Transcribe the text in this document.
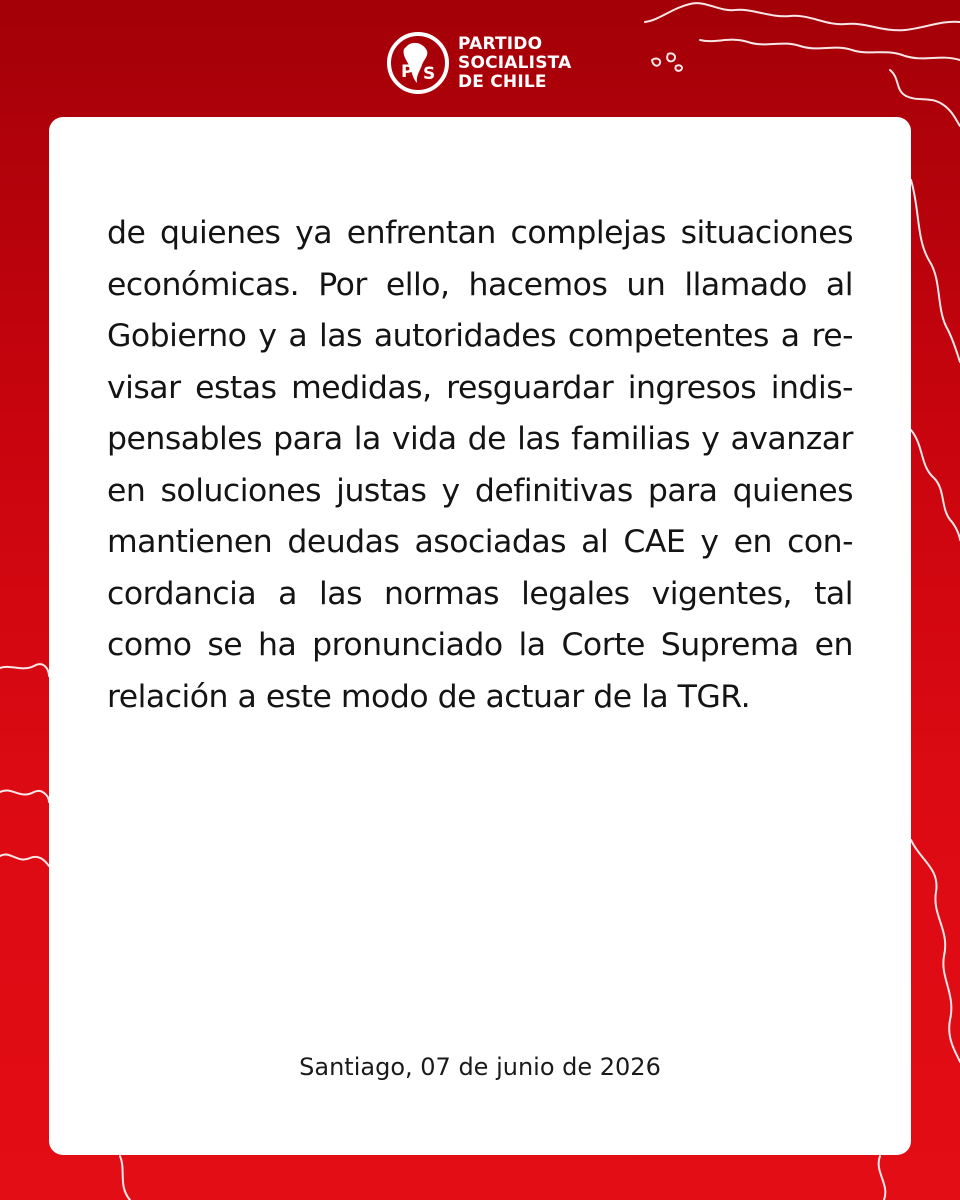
P S
PARTIDO
SOCIALISTA
DE CHILE

de quienes ya enfrentan complejas situaciones económicas. Por ello, hacemos un llamado al Gobierno y a las autoridades competentes a re-visar estas medidas, resguardar ingresos indis-pensables para la vida de las familias y avanzar en soluciones justas y definitivas para quienes mantienen deudas asociadas al CAE y en con-cordancia a las normas legales vigentes, tal como se ha pronunciado la Corte Suprema en relación a este modo de actuar de la TGR.

Santiago, 07 de junio de 2026
